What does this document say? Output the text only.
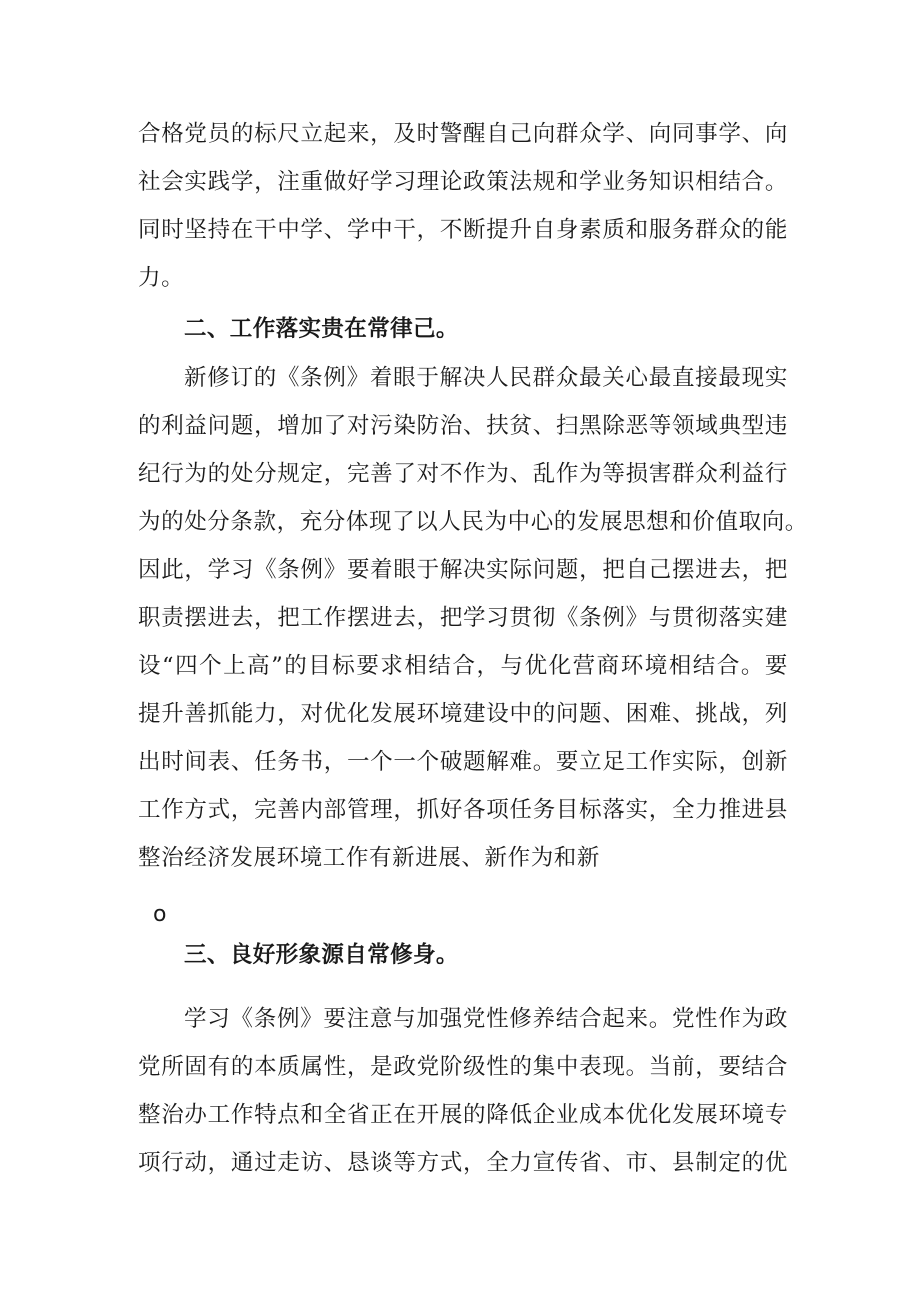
合格党员的标尺立起来，及时警醒自己向群众学、向同事学、向
社会实践学，注重做好学习理论政策法规和学业务知识相结合。
同时坚持在干中学、学中干，不断提升自身素质和服务群众的能
力。
二、工作落实贵在常律己。
新修订的《条例》着眼于解决人民群众最关心最直接最现实
的利益问题，增加了对污染防治、扶贫、扫黑除恶等领域典型违
纪行为的处分规定，完善了对不作为、乱作为等损害群众利益行
为的处分条款，充分体现了以人民为中心的发展思想和价值取向。
因此，学习《条例》要着眼于解决实际问题，把自己摆进去，把
职责摆进去，把工作摆进去，把学习贯彻《条例》与贯彻落实建
设“四个上高”的目标要求相结合，与优化营商环境相结合。要
提升善抓能力，对优化发展环境建设中的问题、困难、挑战，列
出时间表、任务书，一个一个破题解难。要立足工作实际，创新
工作方式，完善内部管理，抓好各项任务目标落实，全力推进县
整治经济发展环境工作有新进展、新作为和新
o
三、良好形象源自常修身。
学习《条例》要注意与加强党性修养结合起来。党性作为政
党所固有的本质属性，是政党阶级性的集中表现。当前，要结合
整治办工作特点和全省正在开展的降低企业成本优化发展环境专
项行动，通过走访、恳谈等方式，全力宣传省、市、县制定的优
